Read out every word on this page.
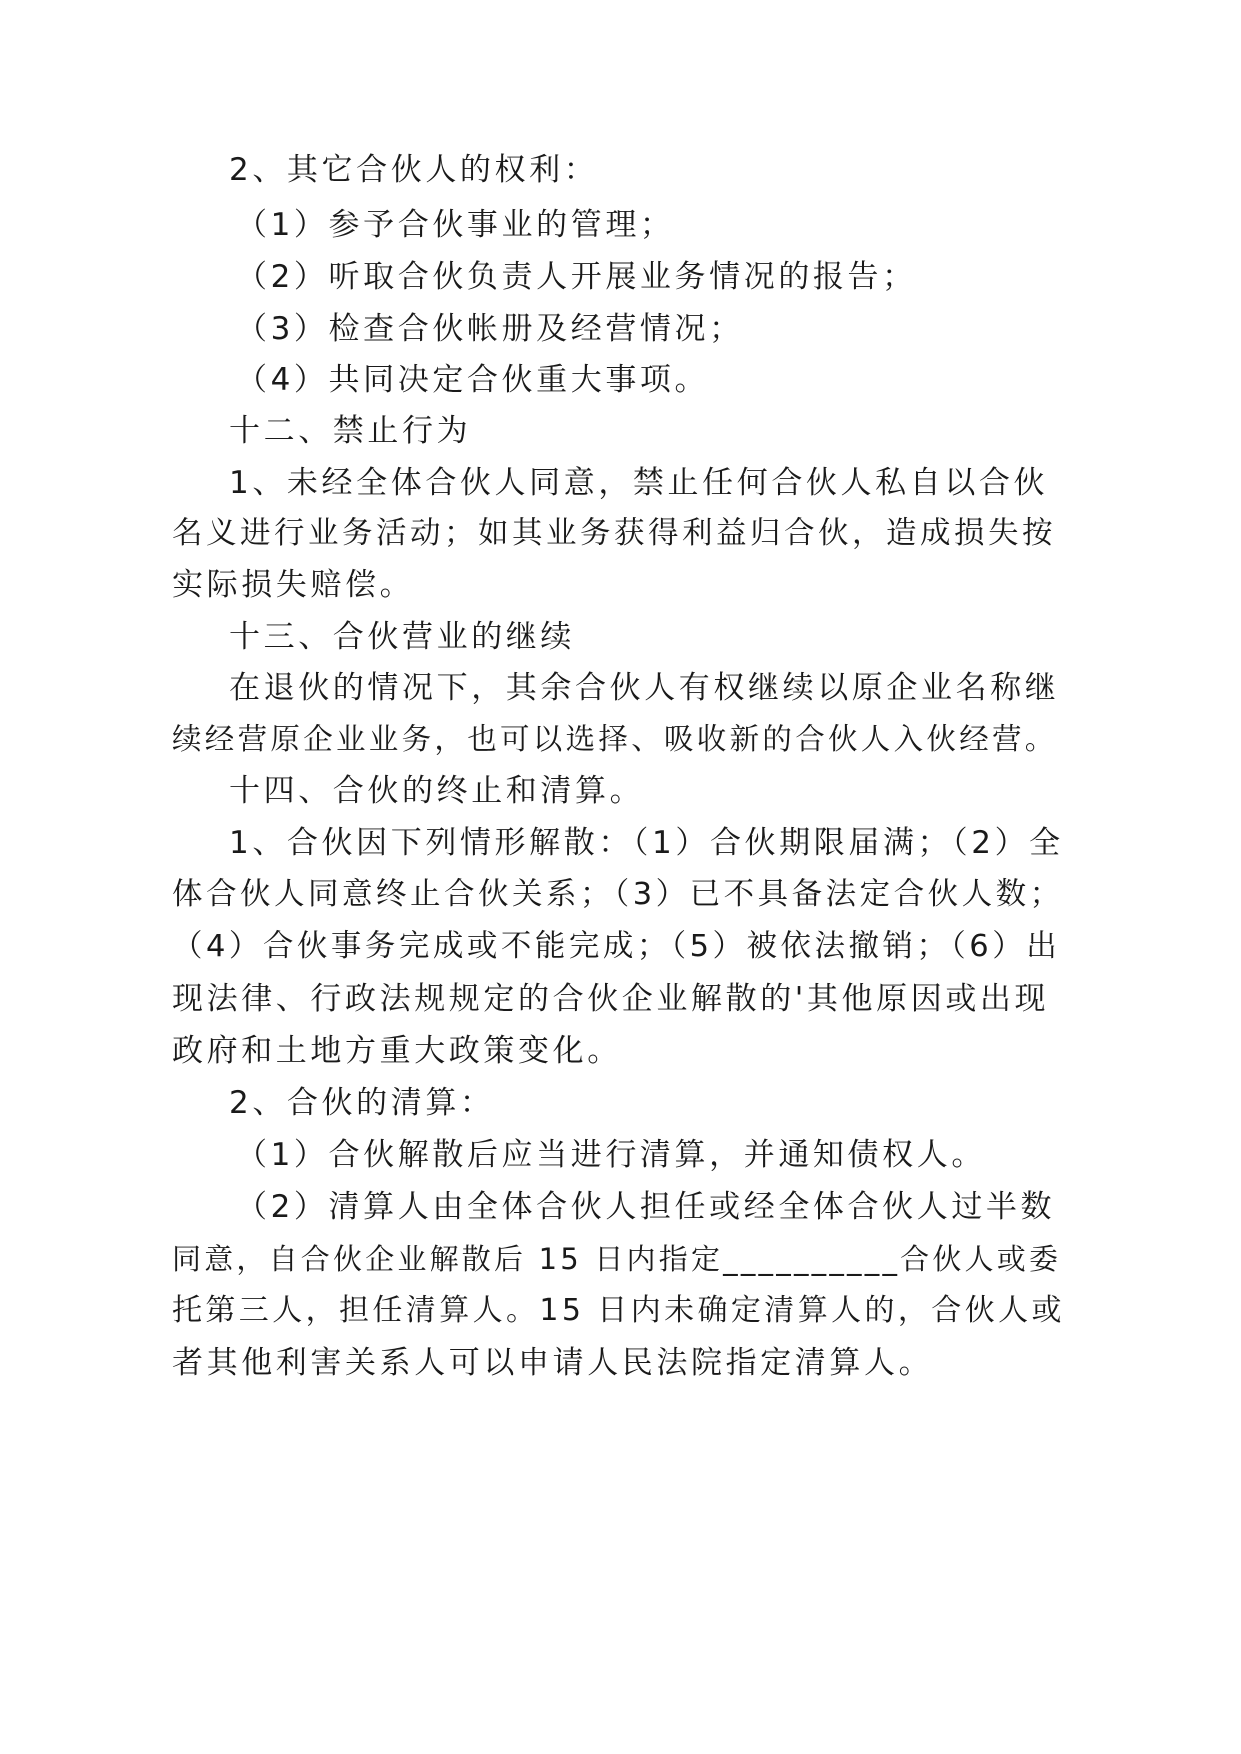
2、其它合伙人的权利：
（1）参予合伙事业的管理；
（2）听取合伙负责人开展业务情况的报告；
（3）检查合伙帐册及经营情况；
（4）共同决定合伙重大事项。
十二、禁止行为
1、未经全体合伙人同意，禁止任何合伙人私自以合伙
名义进行业务活动；如其业务获得利益归合伙，造成损失按
实际损失赔偿。
十三、合伙营业的继续
在退伙的情况下，其余合伙人有权继续以原企业名称继
续经营原企业业务，也可以选择、吸收新的合伙人入伙经营。
十四、合伙的终止和清算。
1、合伙因下列情形解散：（1）合伙期限届满；（2）全
体合伙人同意终止合伙关系；（3）已不具备法定合伙人数；
（4）合伙事务完成或不能完成；（5）被依法撤销；（6）出
现法律、行政法规规定的合伙企业解散的'其他原因或出现
政府和土地方重大政策变化。
2、合伙的清算：
（1）合伙解散后应当进行清算，并通知债权人。
（2）清算人由全体合伙人担任或经全体合伙人过半数
同意，自合伙企业解散后 15 日内指定__________合伙人或委
托第三人，担任清算人。15 日内未确定清算人的，合伙人或
者其他利害关系人可以申请人民法院指定清算人。
